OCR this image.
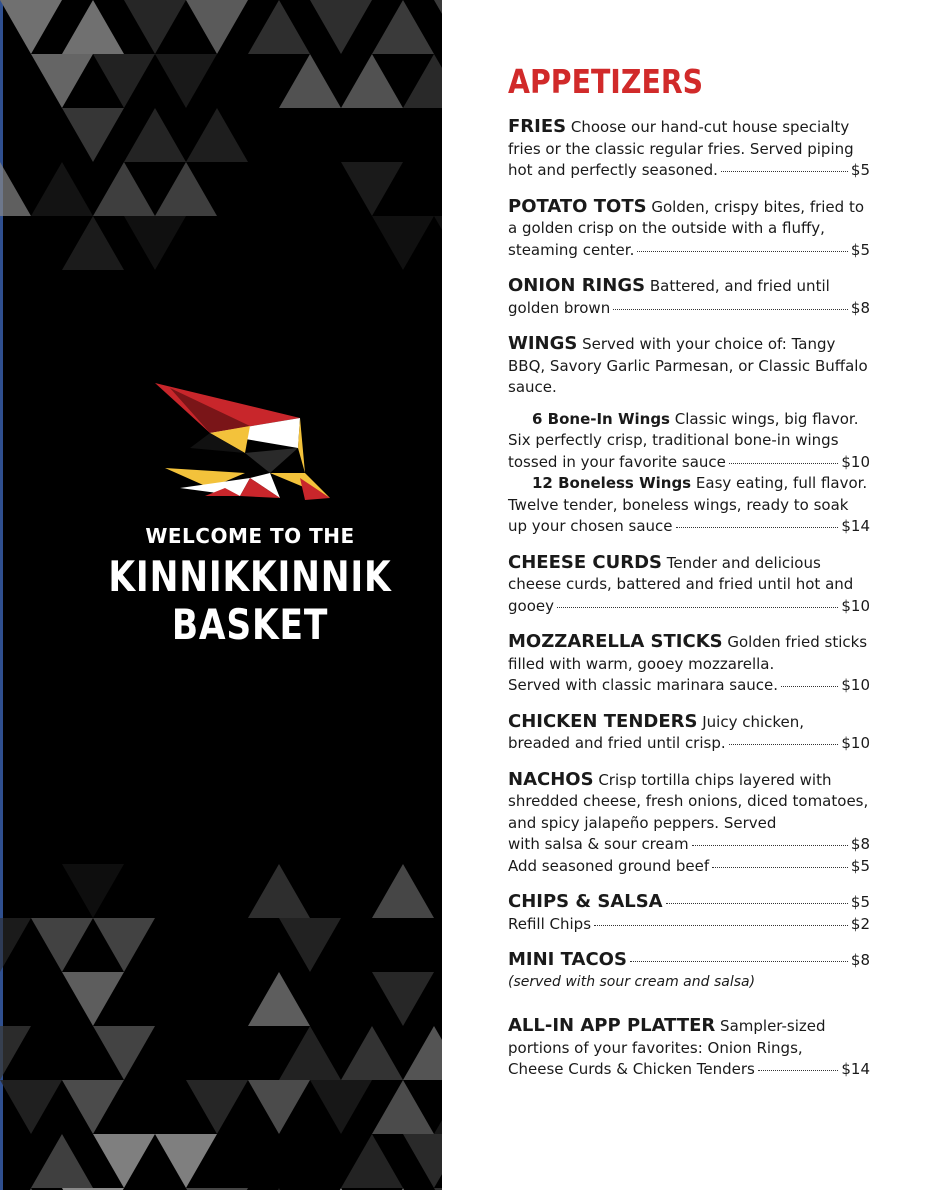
WELCOME TO THE
KINNIKKINNIK
BASKET
APPETIZERS
FRIES Choose our hand-cut house specialty fries or the classic regular fries. Served piping
hot and perfectly seasoned.	$5
POTATO TOTS Golden, crispy bites, fried to a golden crisp on the outside with a fluffy,
steaming center.	$5
ONION RINGS Battered, and fried until
golden brown	$8
WINGS Served with your choice of: Tangy BBQ, Savory Garlic Parmesan, or Classic Buffalo sauce.
6 Bone-In Wings Classic wings, big flavor. Six perfectly crisp, traditional bone-in wings
tossed in your favorite sauce	$10
12 Boneless Wings Easy eating, full flavor. Twelve tender, boneless wings, ready to soak
up your chosen sauce	$14
CHEESE CURDS Tender and delicious cheese curds, battered and fried until hot and
gooey	$10
MOZZARELLA STICKS Golden fried sticks filled with warm, gooey mozzarella.
Served with classic marinara sauce.	$10
CHICKEN TENDERS Juicy chicken,
breaded and fried until crisp.	$10
NACHOS Crisp tortilla chips layered with shredded cheese, fresh onions, diced tomatoes, and spicy jalapeño peppers. Served
with salsa & sour cream	$8
Add seasoned ground beef	$5
CHIPS & SALSA	$5
Refill Chips	$2
MINI TACOS	$8
(served with sour cream and salsa)
ALL-IN APP PLATTER Sampler-sized portions of your favorites: Onion Rings,
Cheese Curds & Chicken Tenders	$14
